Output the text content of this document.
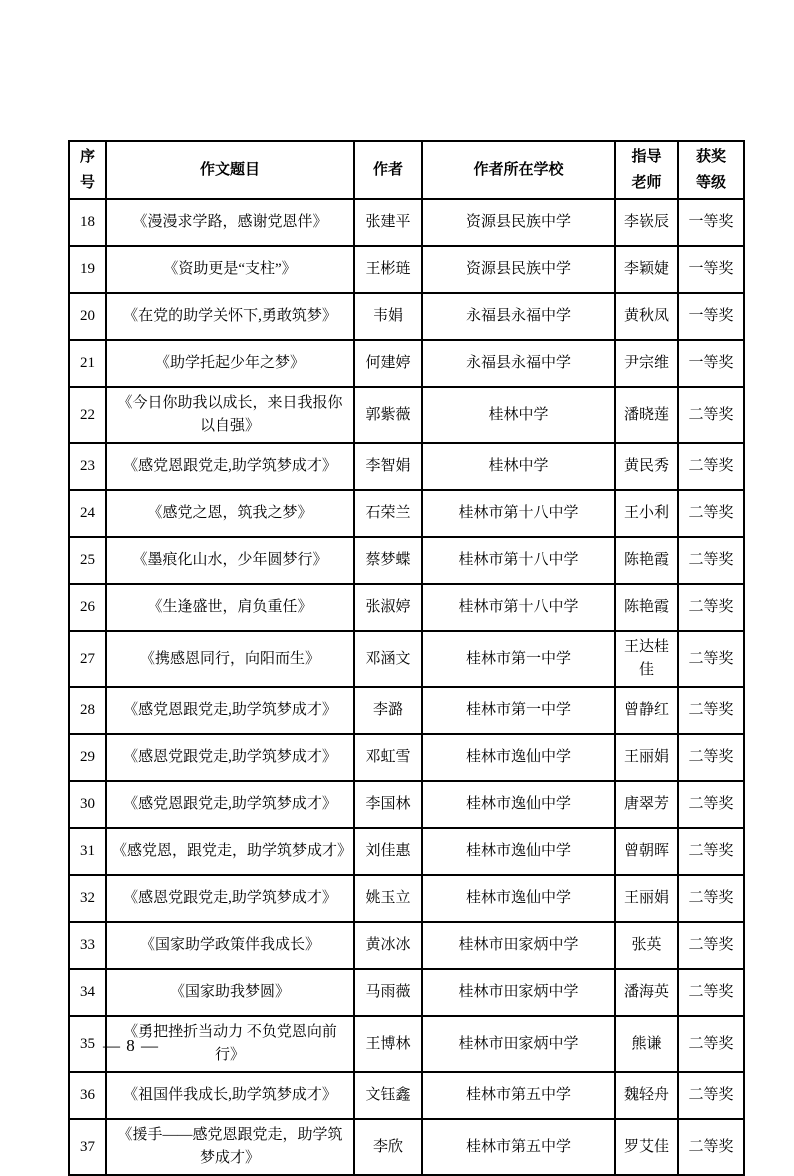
序号	作文题目	作者	作者所在学校	指导老师	获奖等级

18	《漫漫求学路，感谢党恩伴》	张建平	资源县民族中学	李嵚辰	一等奖
19	《资助更是“支柱”》	王彬琏	资源县民族中学	李颖婕	一等奖
20	《在党的助学关怀下,勇敢筑梦》	韦娟	永福县永福中学	黄秋凤	一等奖
21	《助学托起少年之梦》	何建婷	永福县永福中学	尹宗维	一等奖
22	《今日你助我以成长，来日我报你以自强》	郭紫薇	桂林中学	潘晓莲	二等奖
23	《感党恩跟党走,助学筑梦成才》	李智娟	桂林中学	黄民秀	二等奖
24	《感党之恩，筑我之梦》	石荣兰	桂林市第十八中学	王小利	二等奖
25	《墨痕化山水，少年圆梦行》	蔡梦蝶	桂林市第十八中学	陈艳霞	二等奖
26	《生逢盛世，肩负重任》	张淑婷	桂林市第十八中学	陈艳霞	二等奖
27	《携感恩同行，向阳而生》	邓涵文	桂林市第一中学	王达桂佳	二等奖
28	《感党恩跟党走,助学筑梦成才》	李潞	桂林市第一中学	曾静红	二等奖
29	《感恩党跟党走,助学筑梦成才》	邓虹雪	桂林市逸仙中学	王丽娟	二等奖
30	《感党恩跟党走,助学筑梦成才》	李国林	桂林市逸仙中学	唐翠芳	二等奖
31	《感党恩，跟党走，助学筑梦成才》	刘佳惠	桂林市逸仙中学	曾朝晖	二等奖
32	《感恩党跟党走,助学筑梦成才》	姚玉立	桂林市逸仙中学	王丽娟	二等奖
33	《国家助学政策伴我成长》	黄冰冰	桂林市田家炳中学	张英	二等奖
34	《国家助我梦圆》	马雨薇	桂林市田家炳中学	潘海英	二等奖
35	《勇把挫折当动力 不负党恩向前行》	王博林	桂林市田家炳中学	熊谦	二等奖
36	《祖国伴我成长,助学筑梦成才》	文钰鑫	桂林市第五中学	魏轻舟	二等奖
37	《援手——感党恩跟党走，助学筑梦成才》	李欣	桂林市第五中学	罗艾佳	二等奖
— 8 —
